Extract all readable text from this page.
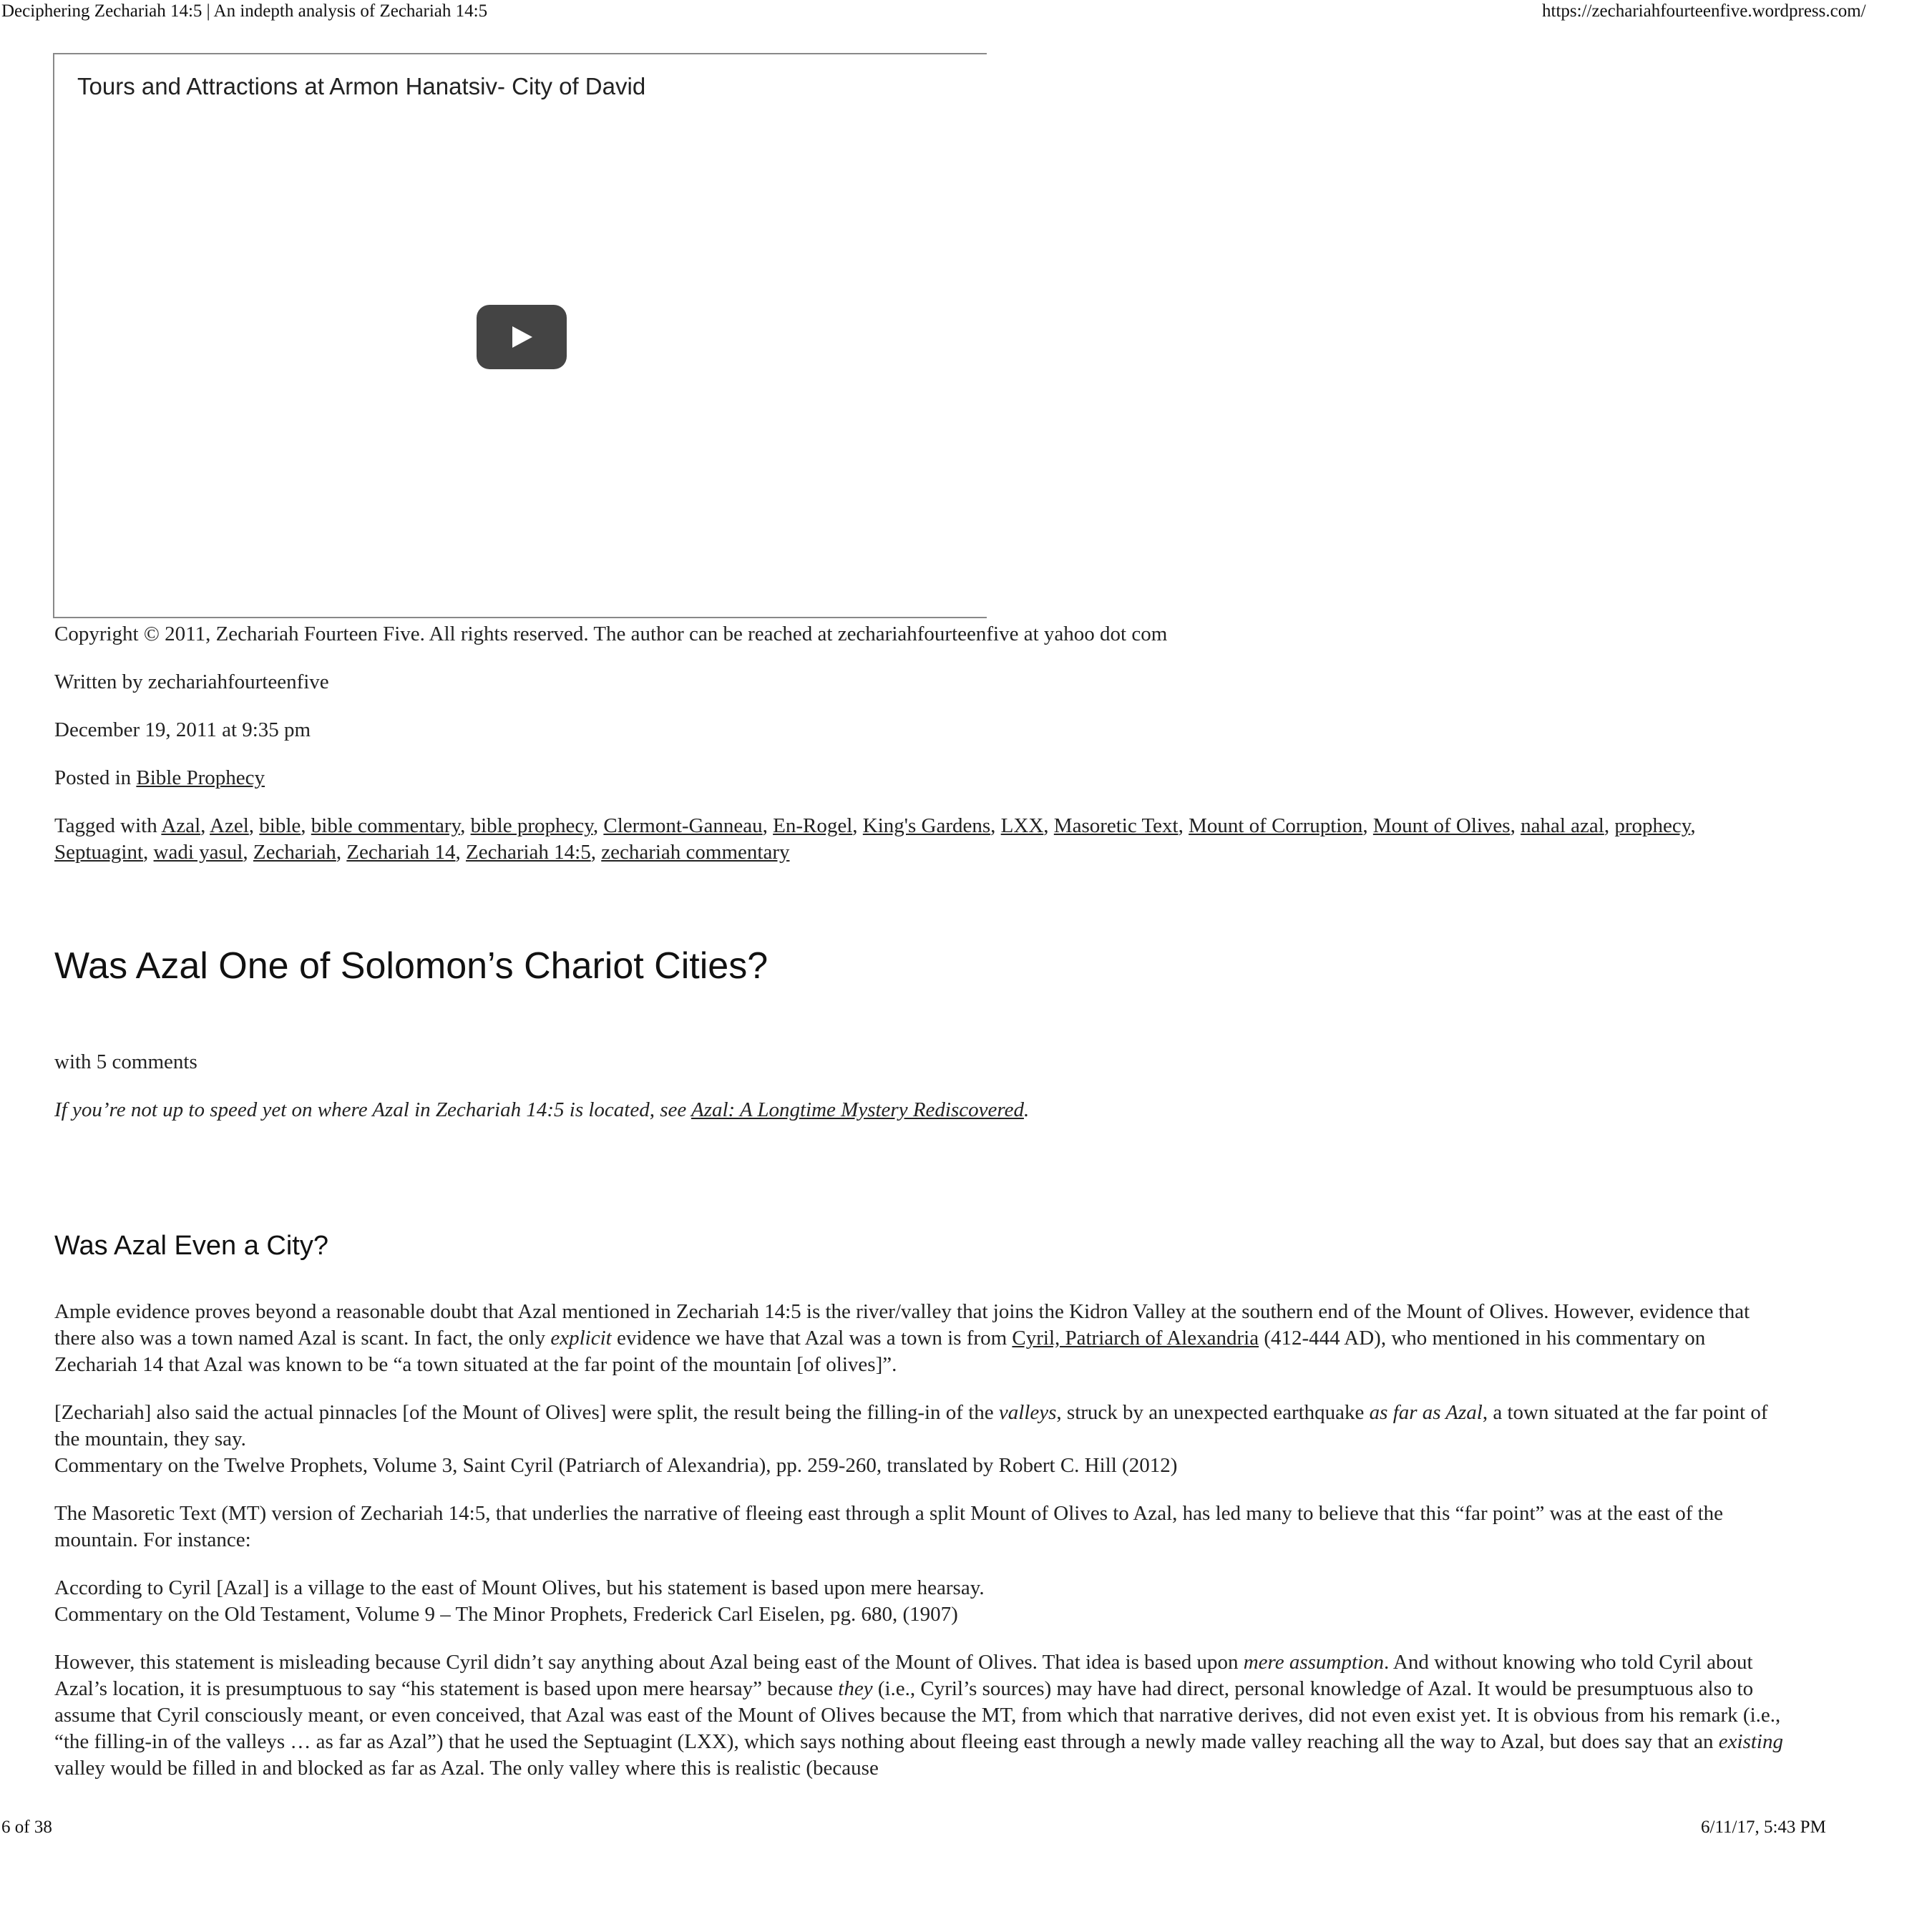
Deciphering Zechariah 14:5 | An indepth analysis of Zechariah 14:5	https://zechariahfourteenfive.wordpress.com/
Tours and Attractions at Armon Hanatsiv- City of David
Copyright © 2011, Zechariah Fourteen Five. All rights reserved. The author can be reached at zechariahfourteenfive at yahoo dot com
Written by zechariahfourteenfive
December 19, 2011 at 9:35 pm
Posted in Bible Prophecy
Tagged with Azal, Azel, bible, bible commentary, bible prophecy, Clermont-Ganneau, En-Rogel, King's Gardens, LXX, Masoretic Text, Mount of Corruption, Mount of Olives, nahal azal, prophecy, Septuagint, wadi yasul, Zechariah, Zechariah 14, Zechariah 14:5, zechariah commentary
Was Azal One of Solomon’s Chariot Cities?
with 5 comments
If you’re not up to speed yet on where Azal in Zechariah 14:5 is located, see Azal: A Longtime Mystery Rediscovered.
Was Azal Even a City?
Ample evidence proves beyond a reasonable doubt that Azal mentioned in Zechariah 14:5 is the river/valley that joins the Kidron Valley at the southern end of the Mount of Olives. However, evidence that there also was a town named Azal is scant. In fact, the only explicit evidence we have that Azal was a town is from Cyril, Patriarch of Alexandria (412-444 AD), who mentioned in his commentary on Zechariah 14 that Azal was known to be “a town situated at the far point of the mountain [of olives]”.
[Zechariah] also said the actual pinnacles [of the Mount of Olives] were split, the result being the filling-in of the valleys, struck by an unexpected earthquake as far as Azal, a town situated at the far point of the mountain, they say.
Commentary on the Twelve Prophets, Volume 3, Saint Cyril (Patriarch of Alexandria), pp. 259-260, translated by Robert C. Hill (2012)
The Masoretic Text (MT) version of Zechariah 14:5, that underlies the narrative of fleeing east through a split Mount of Olives to Azal, has led many to believe that this “far point” was at the east of the mountain. For instance:
According to Cyril [Azal] is a village to the east of Mount Olives, but his statement is based upon mere hearsay.
Commentary on the Old Testament, Volume 9 – The Minor Prophets, Frederick Carl Eiselen, pg. 680, (1907)
However, this statement is misleading because Cyril didn’t say anything about Azal being east of the Mount of Olives. That idea is based upon mere assumption. And without knowing who told Cyril about Azal’s location, it is presumptuous to say “his statement is based upon mere hearsay” because they (i.e., Cyril’s sources) may have had direct, personal knowledge of Azal. It would be presumptuous also to assume that Cyril consciously meant, or even conceived, that Azal was east of the Mount of Olives because the MT, from which that narrative derives, did not even exist yet. It is obvious from his remark (i.e., “the filling-in of the valleys … as far as Azal”) that he used the Septuagint (LXX), which says nothing about fleeing east through a newly made valley reaching all the way to Azal, but does say that an existing valley would be filled in and blocked as far as Azal. The only valley where this is realistic (because
6 of 38	6/11/17, 5:43 PM
